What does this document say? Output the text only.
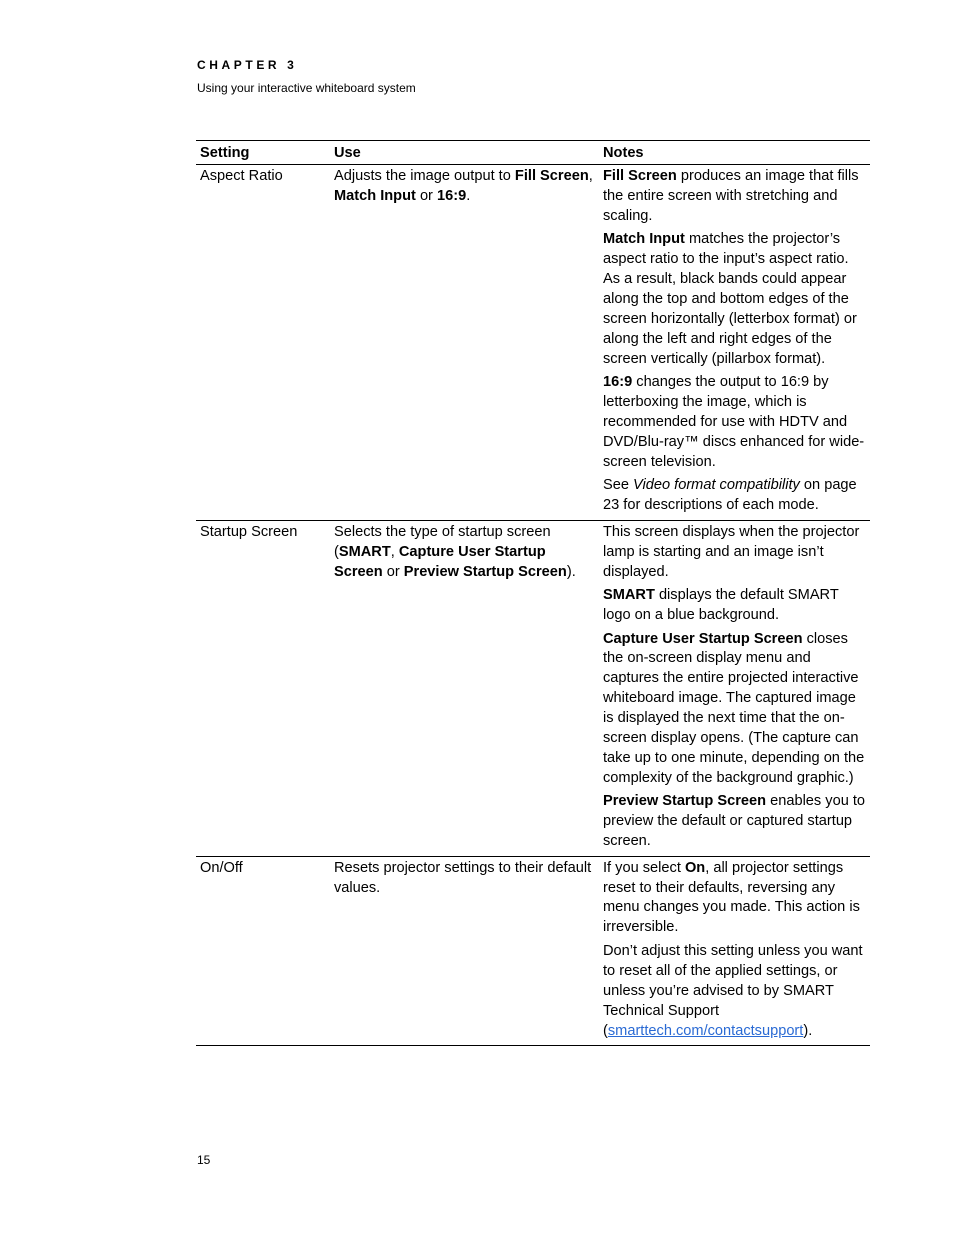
CHAPTER 3
Using your interactive whiteboard system
Setting	Use	Notes
Aspect Ratio	Adjusts the image output to Fill Screen, Match Input or 16:9.	Fill Screen produces an image that fills the entire screen with stretching and scaling.

Match Input matches the projector’s aspect ratio to the input’s aspect ratio. As a result, black bands could appear along the top and bottom edges of the screen horizontally (letterbox format) or along the left and right edges of the screen vertically (pillarbox format).

16:9 changes the output to 16:9 by letterboxing the image, which is recommended for use with HDTV and DVD/Blu-ray™ discs enhanced for wide-screen television.

See Video format compatibility on page 23 for descriptions of each mode.

Startup Screen	Selects the type of startup screen (SMART, Capture User Startup Screen or Preview Startup Screen).	This screen displays when the projector lamp is starting and an image isn’t displayed.

SMART displays the default SMART logo on a blue background.

Capture User Startup Screen closes the on-screen display menu and captures the entire projected interactive whiteboard image. The captured image is displayed the next time that the on-screen display opens. (The capture can take up to one minute, depending on the complexity of the background graphic.)

Preview Startup Screen enables you to preview the default or captured startup screen.

On/Off	Resets projector settings to their default values.	If you select On, all projector settings reset to their defaults, reversing any menu changes you made. This action is irreversible.

Don’t adjust this setting unless you want to reset all of the applied settings, or unless you’re advised to by SMART Technical Support (smarttech.com/contactsupport).

15
